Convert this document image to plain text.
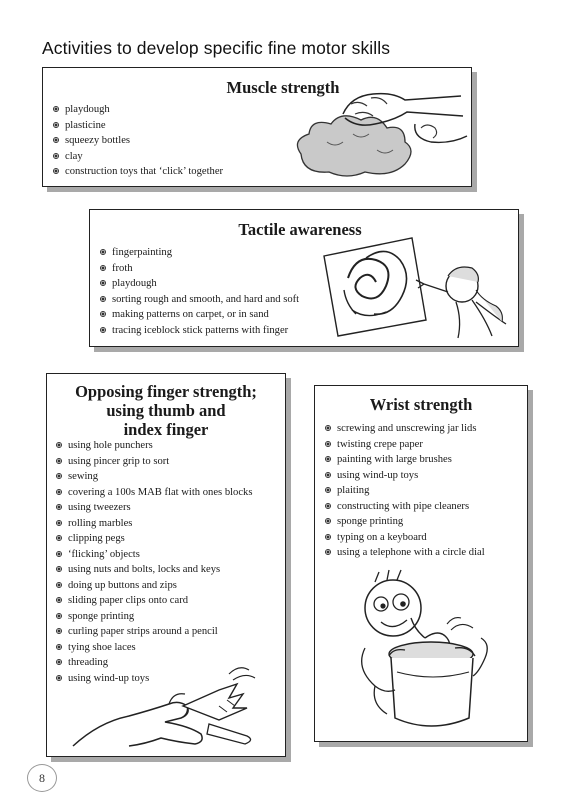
Activities to develop specific fine motor skills
Muscle strength
playdough
plasticine
squeezy bottles
clay
construction toys that ‘click’ together
Tactile awareness
fingerpainting
froth
playdough
sorting rough and smooth, and hard and soft
making patterns on carpet, or in sand
tracing iceblock stick patterns with finger
Opposing finger strength;
using thumb and
index finger
using hole punchers
using pincer grip to sort
sewing
covering a 100s MAB flat with ones blocks
using tweezers
rolling marbles
clipping pegs
‘flicking’ objects
using nuts and bolts, locks and keys
doing up buttons and zips
sliding paper clips onto card
sponge printing
curling paper strips around a pencil
tying shoe laces
threading
using wind-up toys
Wrist strength
screwing and unscrewing jar lids
twisting crepe paper
painting with large brushes
using wind-up toys
plaiting
constructing with pipe cleaners
sponge printing
typing on a keyboard
using a telephone with a circle dial
8
